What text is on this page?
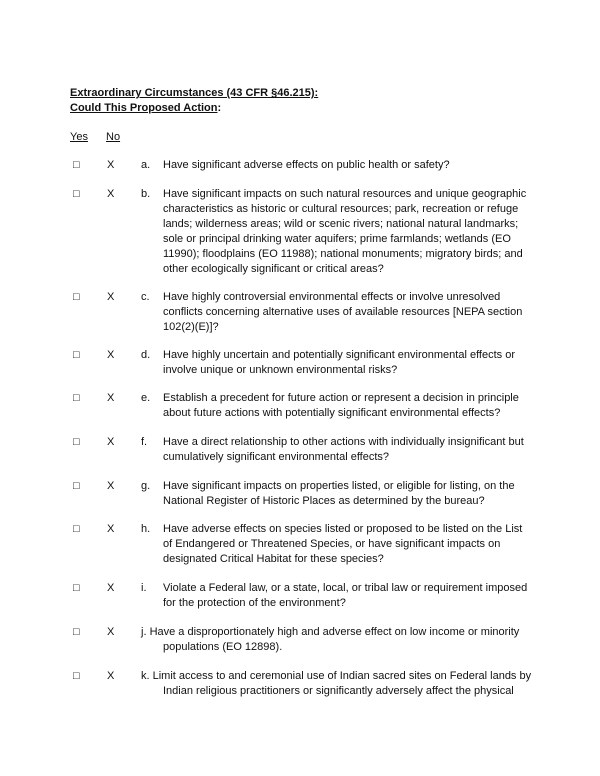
Extraordinary Circumstances (43 CFR §46.215):
Could This Proposed Action:
Yes No
□ X a. Have significant adverse effects on public health or safety?
□ X b. Have significant impacts on such natural resources and unique geographic characteristics as historic or cultural resources; park, recreation or refuge lands; wilderness areas; wild or scenic rivers; national natural landmarks; sole or principal drinking water aquifers; prime farmlands; wetlands (EO 11990); floodplains (EO 11988); national monuments; migratory birds; and other ecologically significant or critical areas?
□ X c. Have highly controversial environmental effects or involve unresolved conflicts concerning alternative uses of available resources [NEPA section 102(2)(E)]?
□ X d. Have highly uncertain and potentially significant environmental effects or involve unique or unknown environmental risks?
□ X e. Establish a precedent for future action or represent a decision in principle about future actions with potentially significant environmental effects?
□ X f. Have a direct relationship to other actions with individually insignificant but cumulatively significant environmental effects?
□ X g. Have significant impacts on properties listed, or eligible for listing, on the National Register of Historic Places as determined by the bureau?
□ X h. Have adverse effects on species listed or proposed to be listed on the List of Endangered or Threatened Species, or have significant impacts on designated Critical Habitat for these species?
□ X i. Violate a Federal law, or a state, local, or tribal law or requirement imposed for the protection of the environment?
□ X j. Have a disproportionately high and adverse effect on low income or minority
populations (EO 12898).
□ X k. Limit access to and ceremonial use of Indian sacred sites on Federal lands by
Indian religious practitioners or significantly adversely affect the physical
